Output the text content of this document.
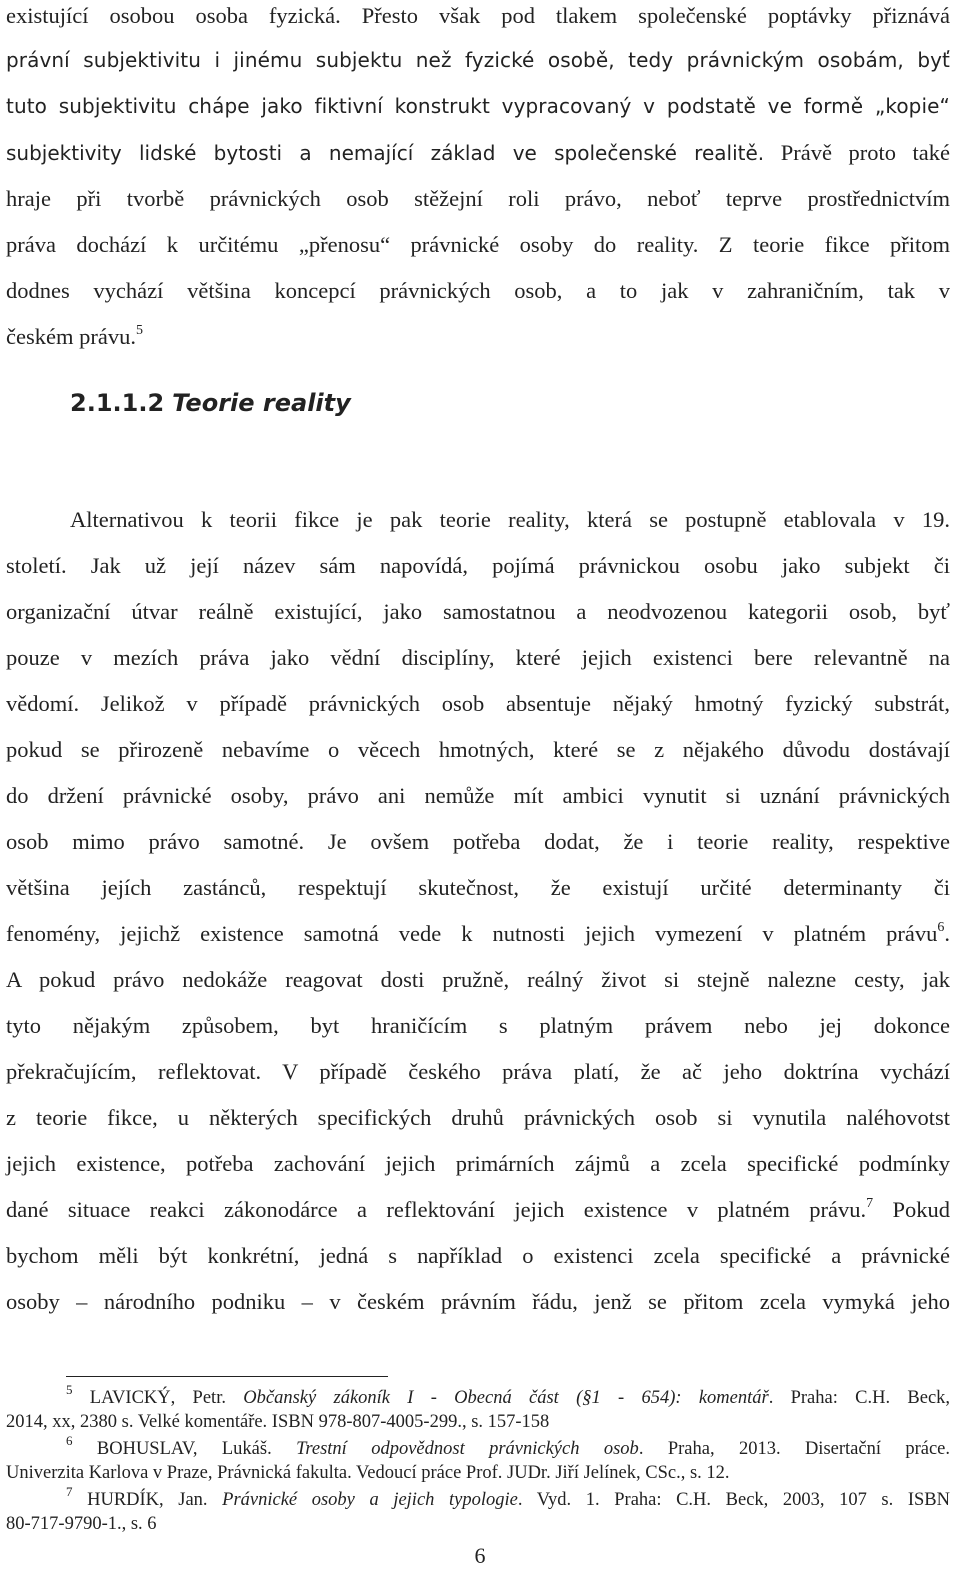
existující osobou osoba fyzická. Přesto však pod tlakem společenské poptávky přiznává
právní subjektivitu i jinému subjektu než fyzické osobě, tedy právnickým osobám, byť
tuto subjektivitu chápe jako fiktivní konstrukt vypracovaný v podstatě ve formě „kopie“
subjektivity lidské bytosti a nemající základ ve společenské realitě. Právě proto také
hraje při tvorbě právnických osob stěžejní roli právo, neboť teprve prostřednictvím
práva dochází k určitému „přenosu“ právnické osoby do reality. Z teorie fikce přitom
dodnes vychází většina koncepcí právnických osob, a to jak v zahraničním, tak v
českém právu.$^5$
2.1.1.2 Teorie reality
Alternativou k teorii fikce je pak teorie reality, která se postupně etablovala v 19.
století. Jak už její název sám napovídá, pojímá právnickou osobu jako subjekt či
organizační útvar reálně existující, jako samostatnou a neodvozenou kategorii osob, byť
pouze v mezích práva jako vědní disciplíny, které jejich existenci bere relevantně na
vědomí. Jelikož v případě právnických osob absentuje nějaký hmotný fyzický substrát,
pokud se přirozeně nebavíme o věcech hmotných, které se z nějakého důvodu dostávají
do držení právnické osoby, právo ani nemůže mít ambici vynutit si uznání právnických
osob mimo právo samotné. Je ovšem potřeba dodat, že i teorie reality, respektive
většina jejích zastánců, respektují skutečnost, že existují určité determinanty či
fenomény, jejichž existence samotná vede k nutnosti jejich vymezení v platném právu$^6$.
A pokud právo nedokáže reagovat dosti pružně, reálný život si stejně nalezne cesty, jak
tyto nějakým způsobem, byt hraničícím s platným právem nebo jej dokonce
překračujícím, reflektovat. V případě českého práva platí, že ač jeho doktrína vychází
z teorie fikce, u některých specifických druhů právnických osob si vynutila naléhovotst
jejich existence, potřeba zachování jejich primárních zájmů a zcela specifické podmínky
dané situace reakci zákonodárce a reflektování jejich existence v platném právu.$^7$ Pokud
bychom měli být konkrétní, jedná s například o existenci zcela specifické a právnické
osoby – národního podniku – v českém právním řádu, jenž se přitom zcela vymyká jeho
$^5$ LAVICKÝ, Petr. Občanský zákoník I - Obecná část (§1 - 654): komentář. Praha: C.H. Beck,
2014, xx, 2380 s. Velké komentáře. ISBN 978-807-4005-299., s. 157-158
$^6$ BOHUSLAV, Lukáš. Trestní odpovědnost právnických osob. Praha, 2013. Disertační práce.
Univerzita Karlova v Praze, Právnická fakulta. Vedoucí práce Prof. JUDr. Jiří Jelínek, CSc., s. 12.
$^7$ HURDÍK, Jan. Právnické osoby a jejich typologie. Vyd. 1. Praha: C.H. Beck, 2003, 107 s. ISBN
80-717-9790-1., s. 6
6
